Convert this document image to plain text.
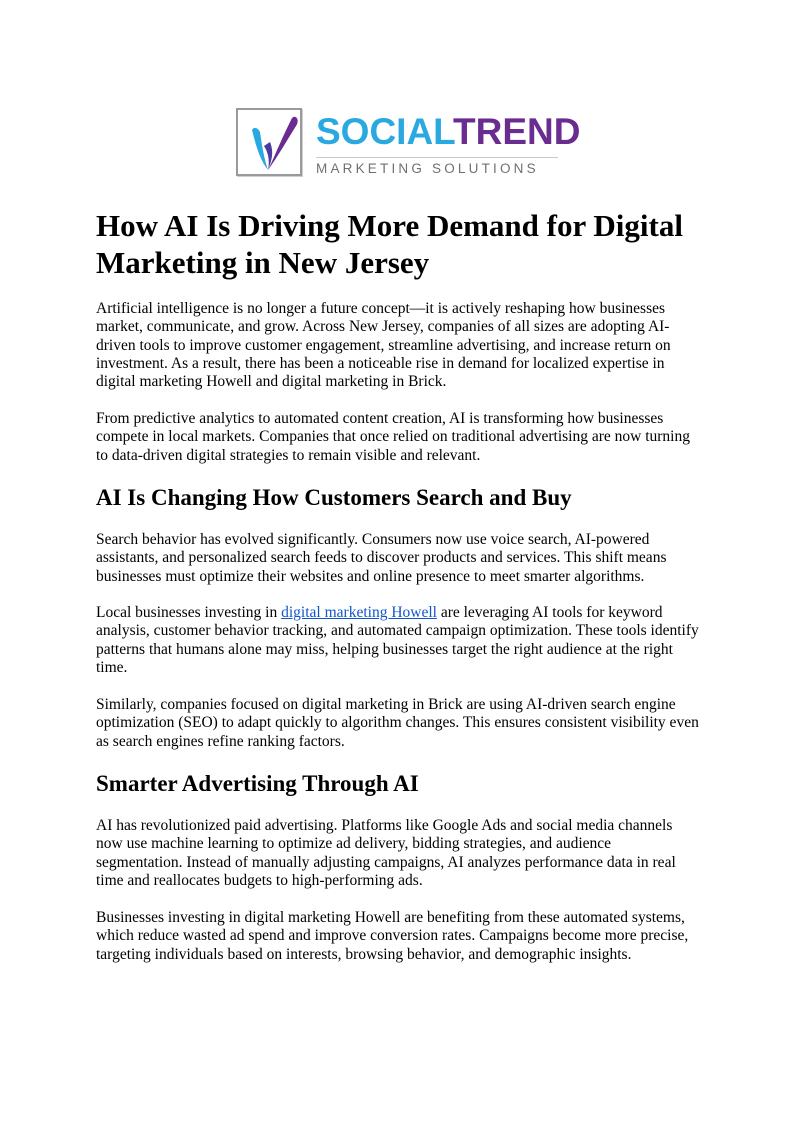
SOCIALTREND
MARKETING SOLUTIONS
How AI Is Driving More Demand for Digital Marketing in New Jersey

Artificial intelligence is no longer a future concept—it is actively reshaping how businesses market, communicate, and grow. Across New Jersey, companies of all sizes are adopting AI-driven tools to improve customer engagement, streamline advertising, and increase return on investment. As a result, there has been a noticeable rise in demand for localized expertise in digital marketing Howell and digital marketing in Brick.

From predictive analytics to automated content creation, AI is transforming how businesses compete in local markets. Companies that once relied on traditional advertising are now turning to data-driven digital strategies to remain visible and relevant.

AI Is Changing How Customers Search and Buy

Search behavior has evolved significantly. Consumers now use voice search, AI-powered assistants, and personalized search feeds to discover products and services. This shift means businesses must optimize their websites and online presence to meet smarter algorithms.

Local businesses investing in digital marketing Howell are leveraging AI tools for keyword analysis, customer behavior tracking, and automated campaign optimization. These tools identify patterns that humans alone may miss, helping businesses target the right audience at the right time.

Similarly, companies focused on digital marketing in Brick are using AI-driven search engine optimization (SEO) to adapt quickly to algorithm changes. This ensures consistent visibility even as search engines refine ranking factors.

Smarter Advertising Through AI

AI has revolutionized paid advertising. Platforms like Google Ads and social media channels now use machine learning to optimize ad delivery, bidding strategies, and audience segmentation. Instead of manually adjusting campaigns, AI analyzes performance data in real time and reallocates budgets to high-performing ads.

Businesses investing in digital marketing Howell are benefiting from these automated systems, which reduce wasted ad spend and improve conversion rates. Campaigns become more precise, targeting individuals based on interests, browsing behavior, and demographic insights.
